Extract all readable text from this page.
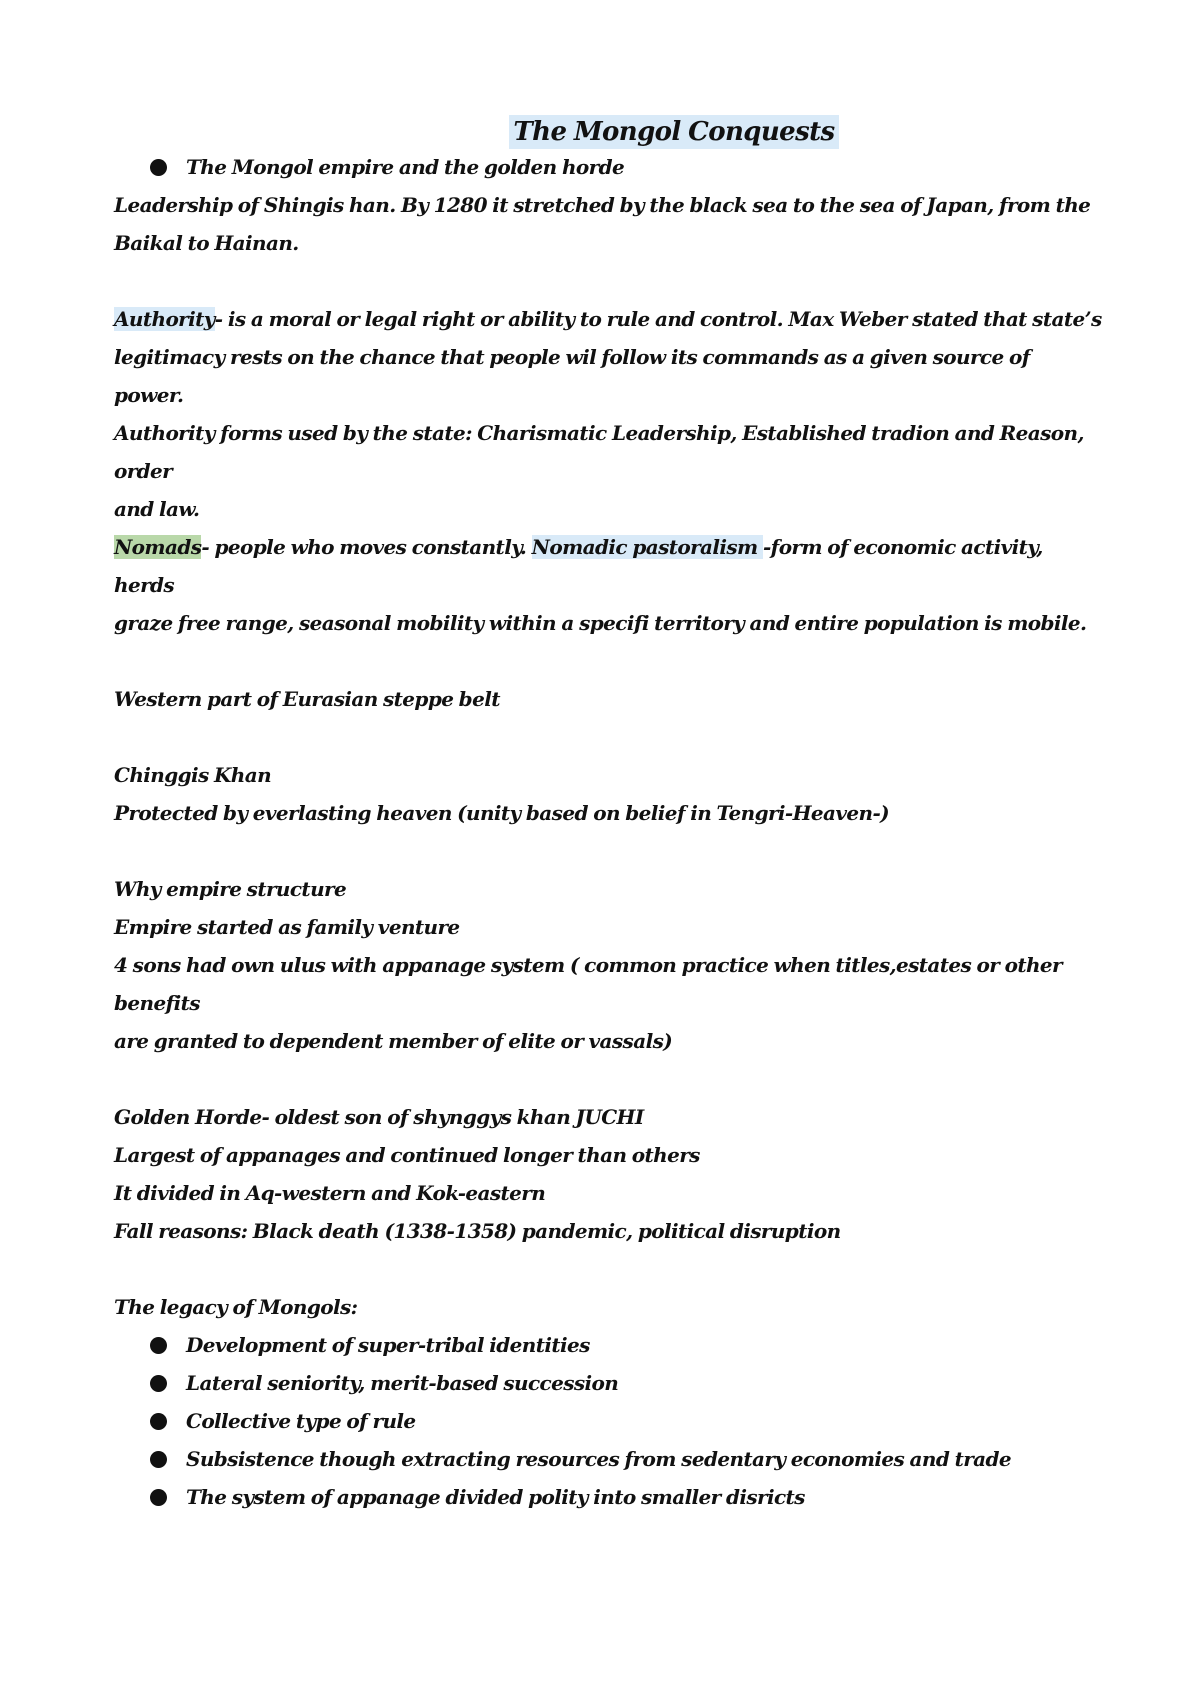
The Mongol Conquests
The Mongol empire and the golden horde

Leadership of Shingis han. By 1280 it stretched by the black sea to the sea of Japan, from the

Baikal to Hainan.

Authority- is a moral or legal right or ability to rule and control. Max Weber stated that state’s

legitimacy rests on the chance that people wil follow its commands as a given source of power.

Authority forms used by the state: Charismatic Leadership, Established tradion and Reason, order

and law.

Nomads- people who moves constantly. Nomadic pastoralism -form of economic activity, herds

graze free range, seasonal mobility within a specifi territory and entire population is mobile.

Western part of Eurasian steppe belt

Chinggis Khan

Protected by everlasting heaven (unity based on belief in Tengri-Heaven-)

Why empire structure

Empire started as family venture

4 sons had own ulus with appanage system ( common practice when titles,estates or other benefits

are granted to dependent member of elite or vassals)

Golden Horde- oldest son of shynggys khan JUCHI

Largest of appanages and continued longer than others

It divided in Aq-western and Kok-eastern

Fall reasons: Black death (1338-1358) pandemic, political disruption

The legacy of Mongols:

Development of super-tribal identities
Lateral seniority, merit-based succession
Collective type of rule
Subsistence though extracting resources from sedentary economies and trade
The system of appanage divided polity into smaller disricts
